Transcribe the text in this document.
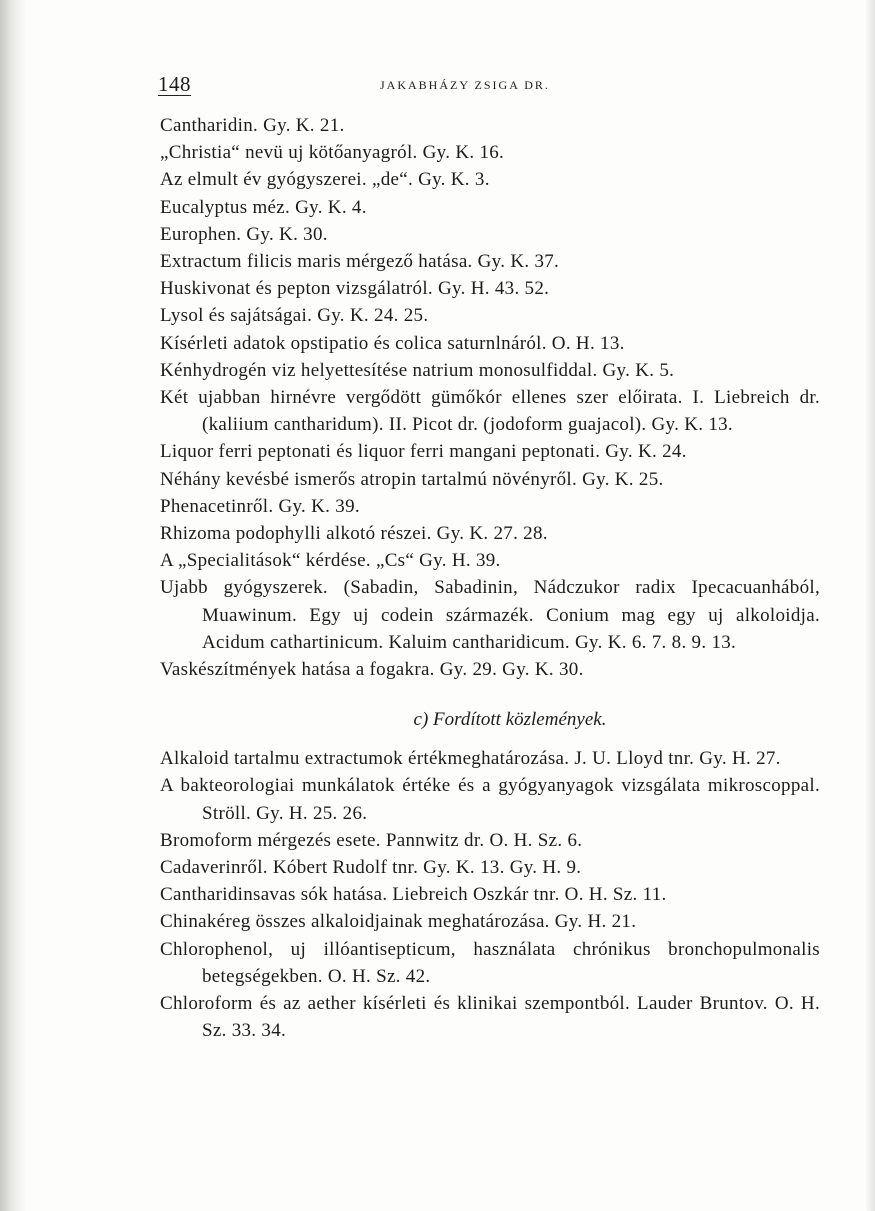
148	JAKABHÁZY ZSIGA DR.

Cantharidin. Gy. K. 21.

„Christia“ nevü uj kötőanyagról. Gy. K. 16.

Az elmult év gyógyszerei. „de“. Gy. K. 3.

Eucalyptus méz. Gy. K. 4.

Europhen. Gy. K. 30.

Extractum filicis maris mérgező hatása. Gy. K. 37.

Huskivonat és pepton vizsgálatról. Gy. H. 43. 52.

Lysol és sajátságai. Gy. K. 24. 25.

Kísérleti adatok opstipatio és colica saturnlnáról. O. H. 13.

Kénhydrogén viz helyettesítése natrium monosulfiddal. Gy. K. 5.

Két ujabban hirnévre vergődött gümőkór ellenes szer előirata. I. Liebreich dr. (kaliium cantharidum). II. Picot dr. (jodoform guajacol). Gy. K. 13.

Liquor ferri peptonati és liquor ferri mangani peptonati. Gy. K. 24.

Néhány kevésbé ismerős atropin tartalmú növényről. Gy. K. 25.

Phenacetinről. Gy. K. 39.

Rhizoma podophylli alkotó részei. Gy. K. 27. 28.

A „Specialitások“ kérdése. „Cs“ Gy. H. 39.

Ujabb gyógyszerek. (Sabadin, Sabadinin, Nádczukor radix Ipecacuanhából, Muawinum. Egy uj codein származék. Conium mag egy uj alkoloidja. Acidum cathartinicum. Kaluim cantharidicum. Gy. K. 6. 7. 8. 9. 13.

Vaskészítmények hatása a fogakra. Gy. 29. Gy. K. 30.

c) Fordított közlemények.

Alkaloid tartalmu extractumok értékmeghatározása. J. U. Lloyd tnr. Gy. H. 27.

A bakteorologiai munkálatok értéke és a gyógyanyagok vizsgálata mikroscoppal. Ströll. Gy. H. 25. 26.

Bromoform mérgezés esete. Pannwitz dr. O. H. Sz. 6.

Cadaverinről. Kóbert Rudolf tnr. Gy. K. 13. Gy. H. 9.

Cantharidinsavas sók hatása. Liebreich Oszkár tnr. O. H. Sz. 11.

Chinakéreg összes alkaloidjainak meghatározása. Gy. H. 21.

Chlorophenol, uj illóantisepticum, használata chrónikus bronchopulmonalis betegségekben. O. H. Sz. 42.

Chloroform és az aether kísérleti és klinikai szempontból. Lauder Bruntov. O. H. Sz. 33. 34.
